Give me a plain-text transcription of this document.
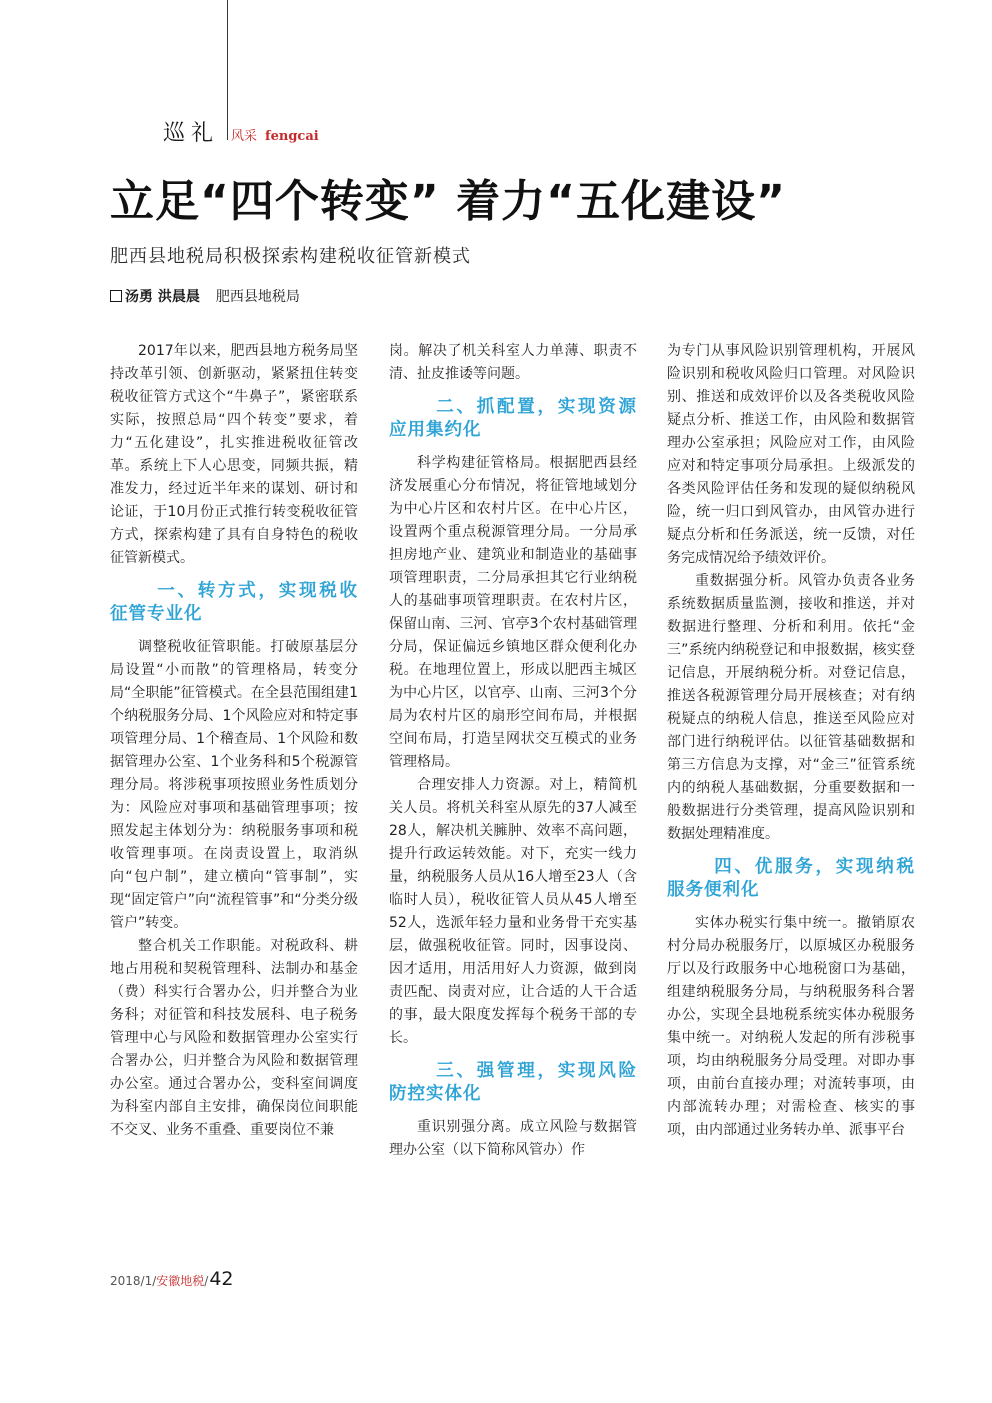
巡礼 风采 fengcai
立足“四个转变” 着力“五化建设”

肥西县地税局积极探索构建税收征管新模式

汤勇 洪晨晨 肥西县地税局

2017年以来，肥西县地方税务局坚持改革引领、创新驱动，紧紧扭住转变税收征管方式这个“牛鼻子”，紧密联系实际，按照总局“四个转变”要求，着力“五化建设”，扎实推进税收征管改革。系统上下人心思变，同频共振，精准发力，经过近半年来的谋划、研讨和论证，于10月份正式推行转变税收征管方式，探索构建了具有自身特色的税收征管新模式。

一、转方式，实现税收征管专业化

调整税收征管职能。打破原基层分局设置“小而散”的管理格局，转变分局“全职能”征管模式。在全县范围组建1个纳税服务分局、1个风险应对和特定事项管理分局、1个稽查局、1个风险和数据管理办公室、1个业务科和5个税源管理分局。将涉税事项按照业务性质划分为：风险应对事项和基础管理事项；按照发起主体划分为：纳税服务事项和税收管理事项。在岗责设置上，取消纵向“包户制”，建立横向“管事制”，实现“固定管户”向“流程管事”和“分类分级管户”转变。

整合机关工作职能。对税政科、耕地占用税和契税管理科、法制办和基金（费）科实行合署办公，归并整合为业务科；对征管和科技发展科、电子税务管理中心与风险和数据管理办公室实行合署办公，归并整合为风险和数据管理办公室。通过合署办公，变科室间调度为科室内部自主安排，确保岗位间职能不交叉、业务不重叠、重要岗位不兼

岗。解决了机关科室人力单薄、职责不清、扯皮推诿等问题。

二、抓配置，实现资源应用集约化

科学构建征管格局。根据肥西县经济发展重心分布情况，将征管地域划分为中心片区和农村片区。在中心片区，设置两个重点税源管理分局。一分局承担房地产业、建筑业和制造业的基础事项管理职责，二分局承担其它行业纳税人的基础事项管理职责。在农村片区，保留山南、三河、官亭3个农村基础管理分局，保证偏远乡镇地区群众便利化办税。在地理位置上，形成以肥西主城区为中心片区，以官亭、山南、三河3个分局为农村片区的扇形空间布局，并根据空间布局，打造呈网状交互模式的业务管理格局。

合理安排人力资源。对上，精简机关人员。将机关科室从原先的37人减至28人，解决机关臃肿、效率不高问题，提升行政运转效能。对下，充实一线力量，纳税服务人员从16人增至23人（含临时人员），税收征管人员从45人增至52人，选派年轻力量和业务骨干充实基层，做强税收征管。同时，因事设岗、因才适用，用活用好人力资源，做到岗责匹配、岗责对应，让合适的人干合适的事，最大限度发挥每个税务干部的专长。

三、强管理，实现风险防控实体化

重识别强分离。成立风险与数据管理办公室（以下简称风管办）作

为专门从事风险识别管理机构，开展风险识别和税收风险归口管理。对风险识别、推送和成效评价以及各类税收风险疑点分析、推送工作，由风险和数据管理办公室承担；风险应对工作，由风险应对和特定事项分局承担。上级派发的各类风险评估任务和发现的疑似纳税风险，统一归口到风管办，由风管办进行疑点分析和任务派送，统一反馈，对任务完成情况给予绩效评价。

重数据强分析。风管办负责各业务系统数据质量监测，接收和推送，并对数据进行整理、分析和利用。依托“金三”系统内纳税登记和申报数据，核实登记信息，开展纳税分析。对登记信息，推送各税源管理分局开展核查；对有纳税疑点的纳税人信息，推送至风险应对部门进行纳税评估。以征管基础数据和第三方信息为支撑，对“金三”征管系统内的纳税人基础数据，分重要数据和一般数据进行分类管理，提高风险识别和数据处理精准度。

四、优服务，实现纳税服务便利化

实体办税实行集中统一。撤销原农村分局办税服务厅，以原城区办税服务厅以及行政服务中心地税窗口为基础，组建纳税服务分局，与纳税服务科合署办公，实现全县地税系统实体办税服务集中统一。对纳税人发起的所有涉税事项，均由纳税服务分局受理。对即办事项，由前台直接办理；对流转事项，由内部流转办理；对需检查、核实的事项，由内部通过业务转办单、派事平台

2018/1/ 安徽地税 / 42
